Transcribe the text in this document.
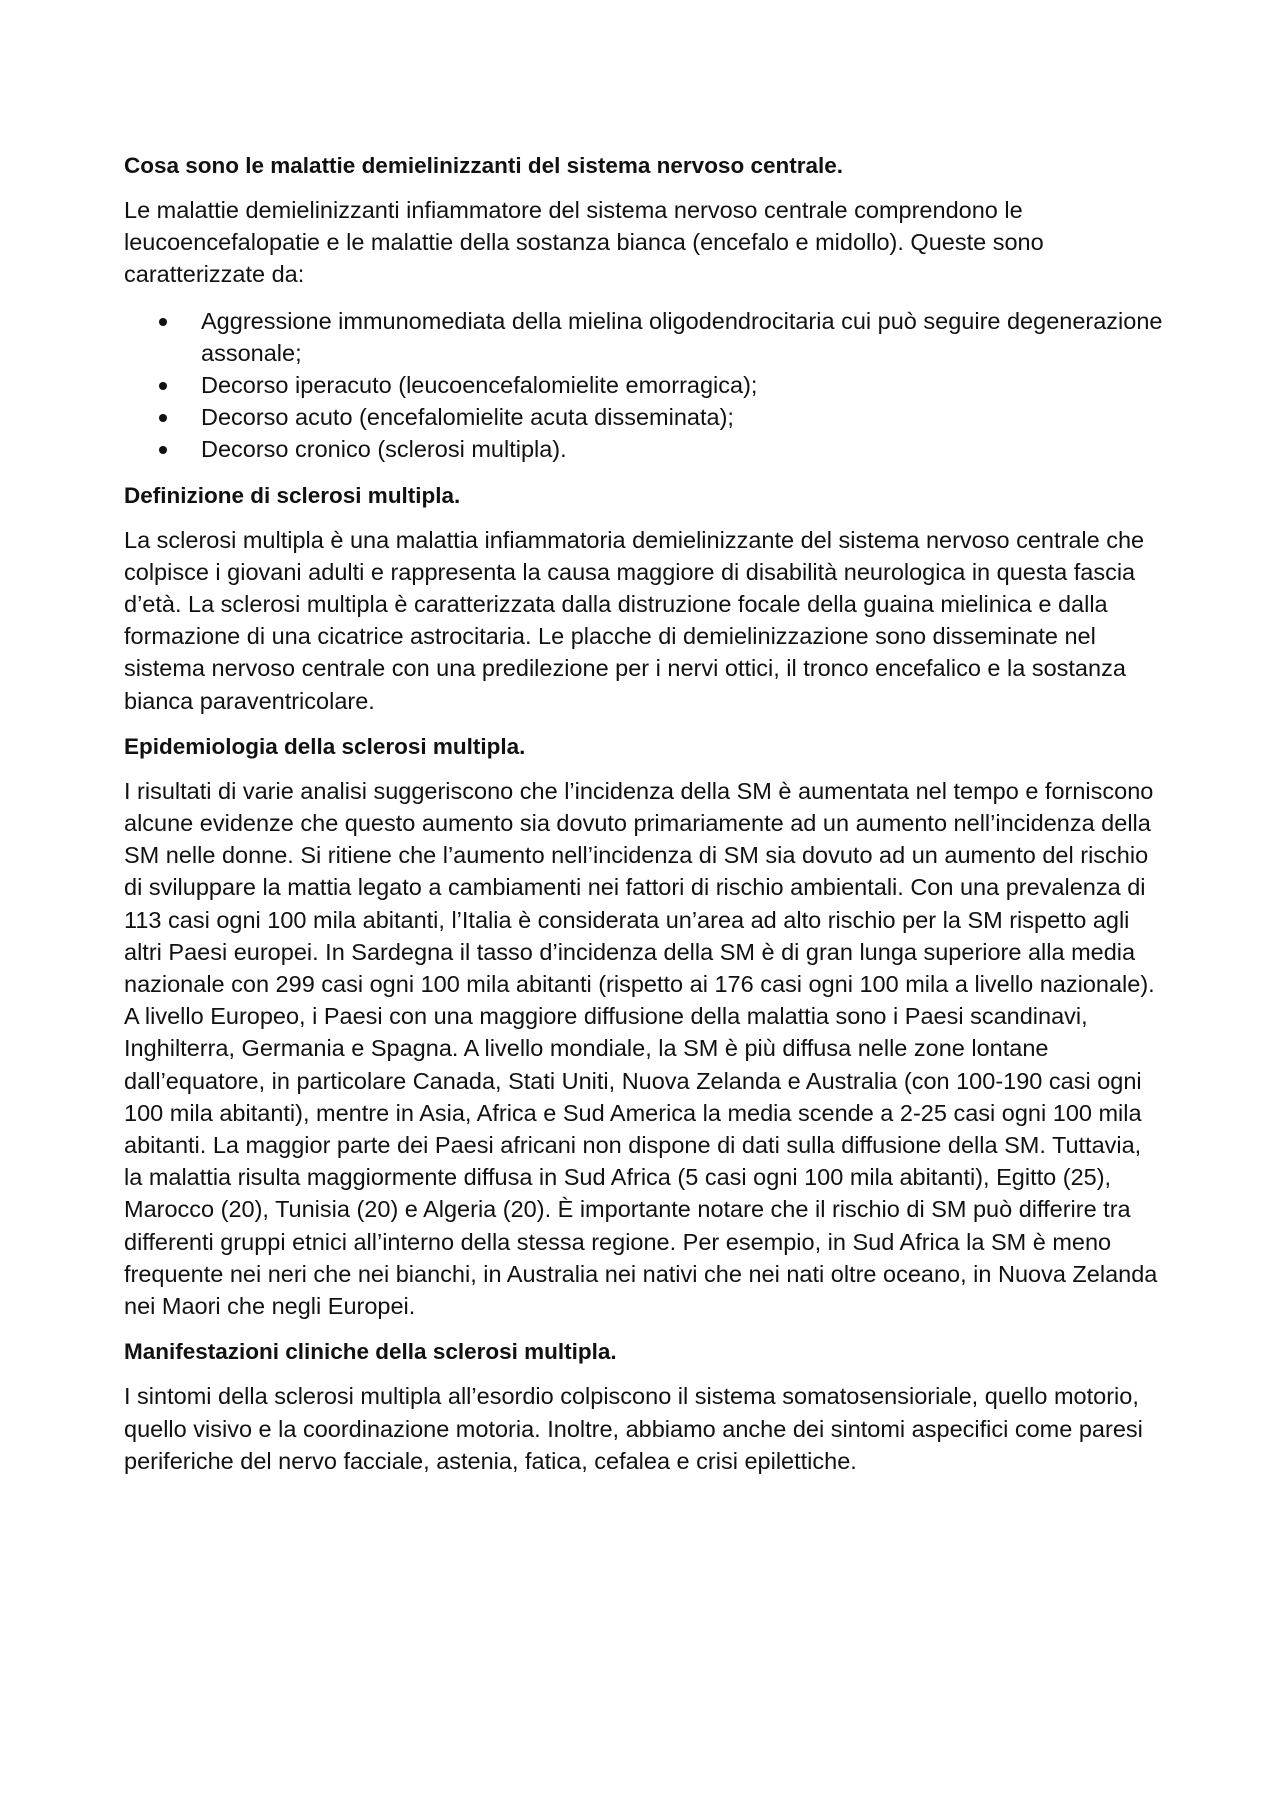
Cosa sono le malattie demielinizzanti del sistema nervoso centrale.

Le malattie demielinizzanti infiammatore del sistema nervoso centrale comprendono le leucoencefalopatie e le malattie della sostanza bianca (encefalo e midollo). Queste sono caratterizzate da:

Aggressione immunomediata della mielina oligodendrocitaria cui può seguire degenerazione assonale;
Decorso iperacuto (leucoencefalomielite emorragica);
Decorso acuto (encefalomielite acuta disseminata);
Decorso cronico (sclerosi multipla).
Definizione di sclerosi multipla.

La sclerosi multipla è una malattia infiammatoria demielinizzante del sistema nervoso centrale che colpisce i giovani adulti e rappresenta la causa maggiore di disabilità neurologica in questa fascia d’età. La sclerosi multipla è caratterizzata dalla distruzione focale della guaina mielinica e dalla formazione di una cicatrice astrocitaria. Le placche di demielinizzazione sono disseminate nel sistema nervoso centrale con una predilezione per i nervi ottici, il tronco encefalico e la sostanza bianca paraventricolare.

Epidemiologia della sclerosi multipla.

I risultati di varie analisi suggeriscono che l’incidenza della SM è aumentata nel tempo e forniscono alcune evidenze che questo aumento sia dovuto primariamente ad un aumento nell’incidenza della SM nelle donne. Si ritiene che l’aumento nell’incidenza di SM sia dovuto ad un aumento del rischio di sviluppare la mattia legato a cambiamenti nei fattori di rischio ambientali. Con una prevalenza di 113 casi ogni 100 mila abitanti, l’Italia è considerata un’area ad alto rischio per la SM rispetto agli altri Paesi europei. In Sardegna il tasso d’incidenza della SM è di gran lunga superiore alla media nazionale con 299 casi ogni 100 mila abitanti (rispetto ai 176 casi ogni 100 mila a livello nazionale). A livello Europeo, i Paesi con una maggiore diffusione della malattia sono i Paesi scandinavi, Inghilterra, Germania e Spagna. A livello mondiale, la SM è più diffusa nelle zone lontane dall’equatore, in particolare Canada, Stati Uniti, Nuova Zelanda e Australia (con 100-190 casi ogni 100 mila abitanti), mentre in Asia, Africa e Sud America la media scende a 2-25 casi ogni 100 mila abitanti. La maggior parte dei Paesi africani non dispone di dati sulla diffusione della SM. Tuttavia, la malattia risulta maggiormente diffusa in Sud Africa (5 casi ogni 100 mila abitanti), Egitto (25), Marocco (20), Tunisia (20) e Algeria (20). È importante notare che il rischio di SM può differire tra differenti gruppi etnici all’interno della stessa regione. Per esempio, in Sud Africa la SM è meno frequente nei neri che nei bianchi, in Australia nei nativi che nei nati oltre oceano, in Nuova Zelanda nei Maori che negli Europei.

Manifestazioni cliniche della sclerosi multipla.

I sintomi della sclerosi multipla all’esordio colpiscono il sistema somatosensioriale, quello motorio, quello visivo e la coordinazione motoria. Inoltre, abbiamo anche dei sintomi aspecifici come paresi periferiche del nervo facciale, astenia, fatica, cefalea e crisi epilettiche.
